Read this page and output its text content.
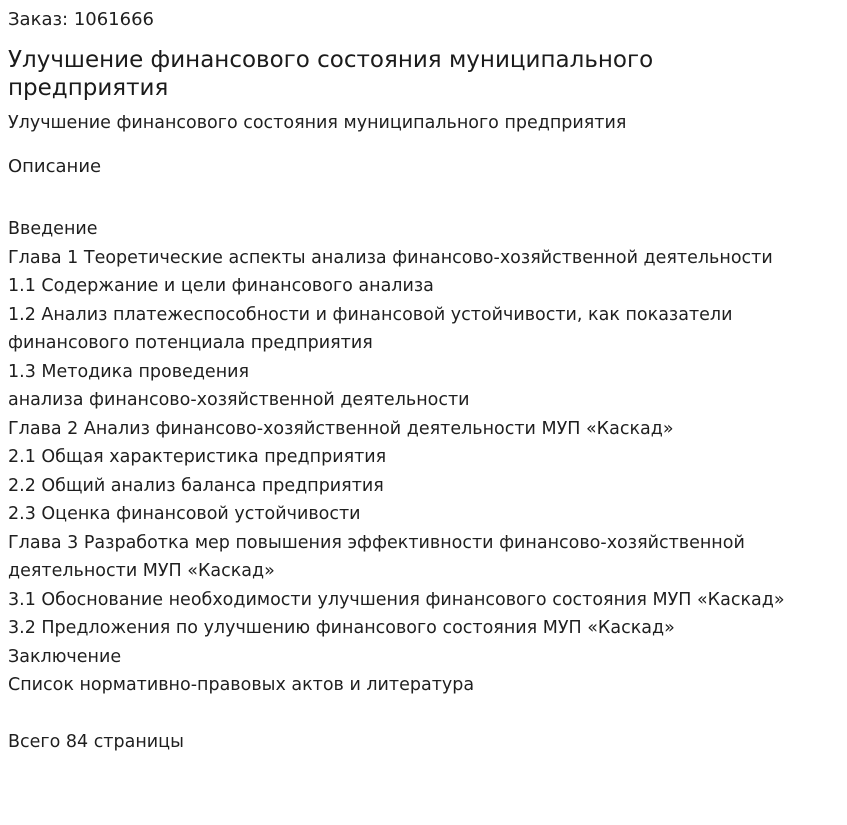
Заказ: 1061666
Улучшение финансового состояния муниципального предприятия
Улучшение финансового состояния муниципального предприятия
Описание
Введение
Глава 1 Теоретические аспекты анализа финансово-хозяйственной деятельности
1.1 Содержание и цели финансового анализа
1.2 Анализ платежеспособности и финансовой устойчивости, как показатели финансового потенциала предприятия
1.3 Методика проведения
анализа финансово-хозяйственной деятельности
Глава 2 Анализ финансово-хозяйственной деятельности МУП «Каскад»
2.1 Общая характеристика предприятия
2.2 Общий анализ баланса предприятия
2.3 Оценка финансовой устойчивости
Глава 3 Разработка мер повышения эффективности финансово-хозяйственной деятельности МУП «Каскад»
3.1 Обоснование необходимости улучшения финансового состояния МУП «Каскад»
3.2 Предложения по улучшению финансового состояния МУП «Каскад»
Заключение
Список нормативно-правовых актов и литература
Всего 84 страницы
